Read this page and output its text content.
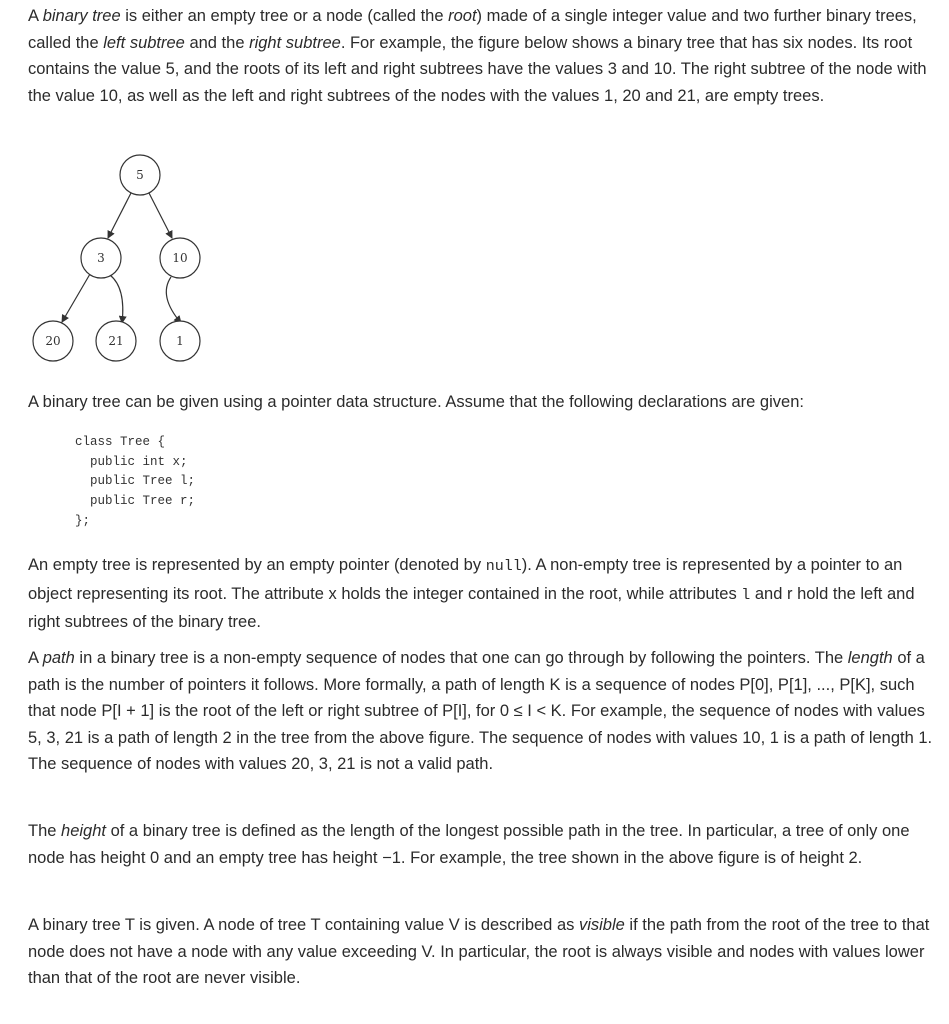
A binary tree is either an empty tree or a node (called the root) made of a single integer value and two further binary trees, called the left subtree and the right subtree. For example, the figure below shows a binary tree that has six nodes. Its root contains the value 5, and the roots of its left and right subtrees have the values 3 and 10. The right subtree of the node with the value 10, as well as the left and right subtrees of the nodes with the values 1, 20 and 21, are empty trees.

5
3	10
20	21	1

A binary tree can be given using a pointer data structure. Assume that the following declarations are given:

class Tree {
public int x;
public Tree l;
public Tree r;
};

An empty tree is represented by an empty pointer (denoted by null). A non-empty tree is represented by a pointer to an object representing its root. The attribute x holds the integer contained in the root, while attributes l and r hold the left and right subtrees of the binary tree.

A path in a binary tree is a non-empty sequence of nodes that one can go through by following the pointers. The length of a path is the number of pointers it follows. More formally, a path of length K is a sequence of nodes P[0], P[1], ..., P[K], such that node P[I + 1] is the root of the left or right subtree of P[I], for 0 ≤ I < K. For example, the sequence of nodes with values 5, 3, 21 is a path of length 2 in the tree from the above figure. The sequence of nodes with values 10, 1 is a path of length 1. The sequence of nodes with values 20, 3, 21 is not a valid path.

The height of a binary tree is defined as the length of the longest possible path in the tree. In particular, a tree of only one node has height 0 and an empty tree has height −1. For example, the tree shown in the above figure is of height 2.

A binary tree T is given. A node of tree T containing value V is described as visible if the path from the root of the tree to that node does not have a node with any value exceeding V. In particular, the root is always visible and nodes with values lower than that of the root are never visible.
